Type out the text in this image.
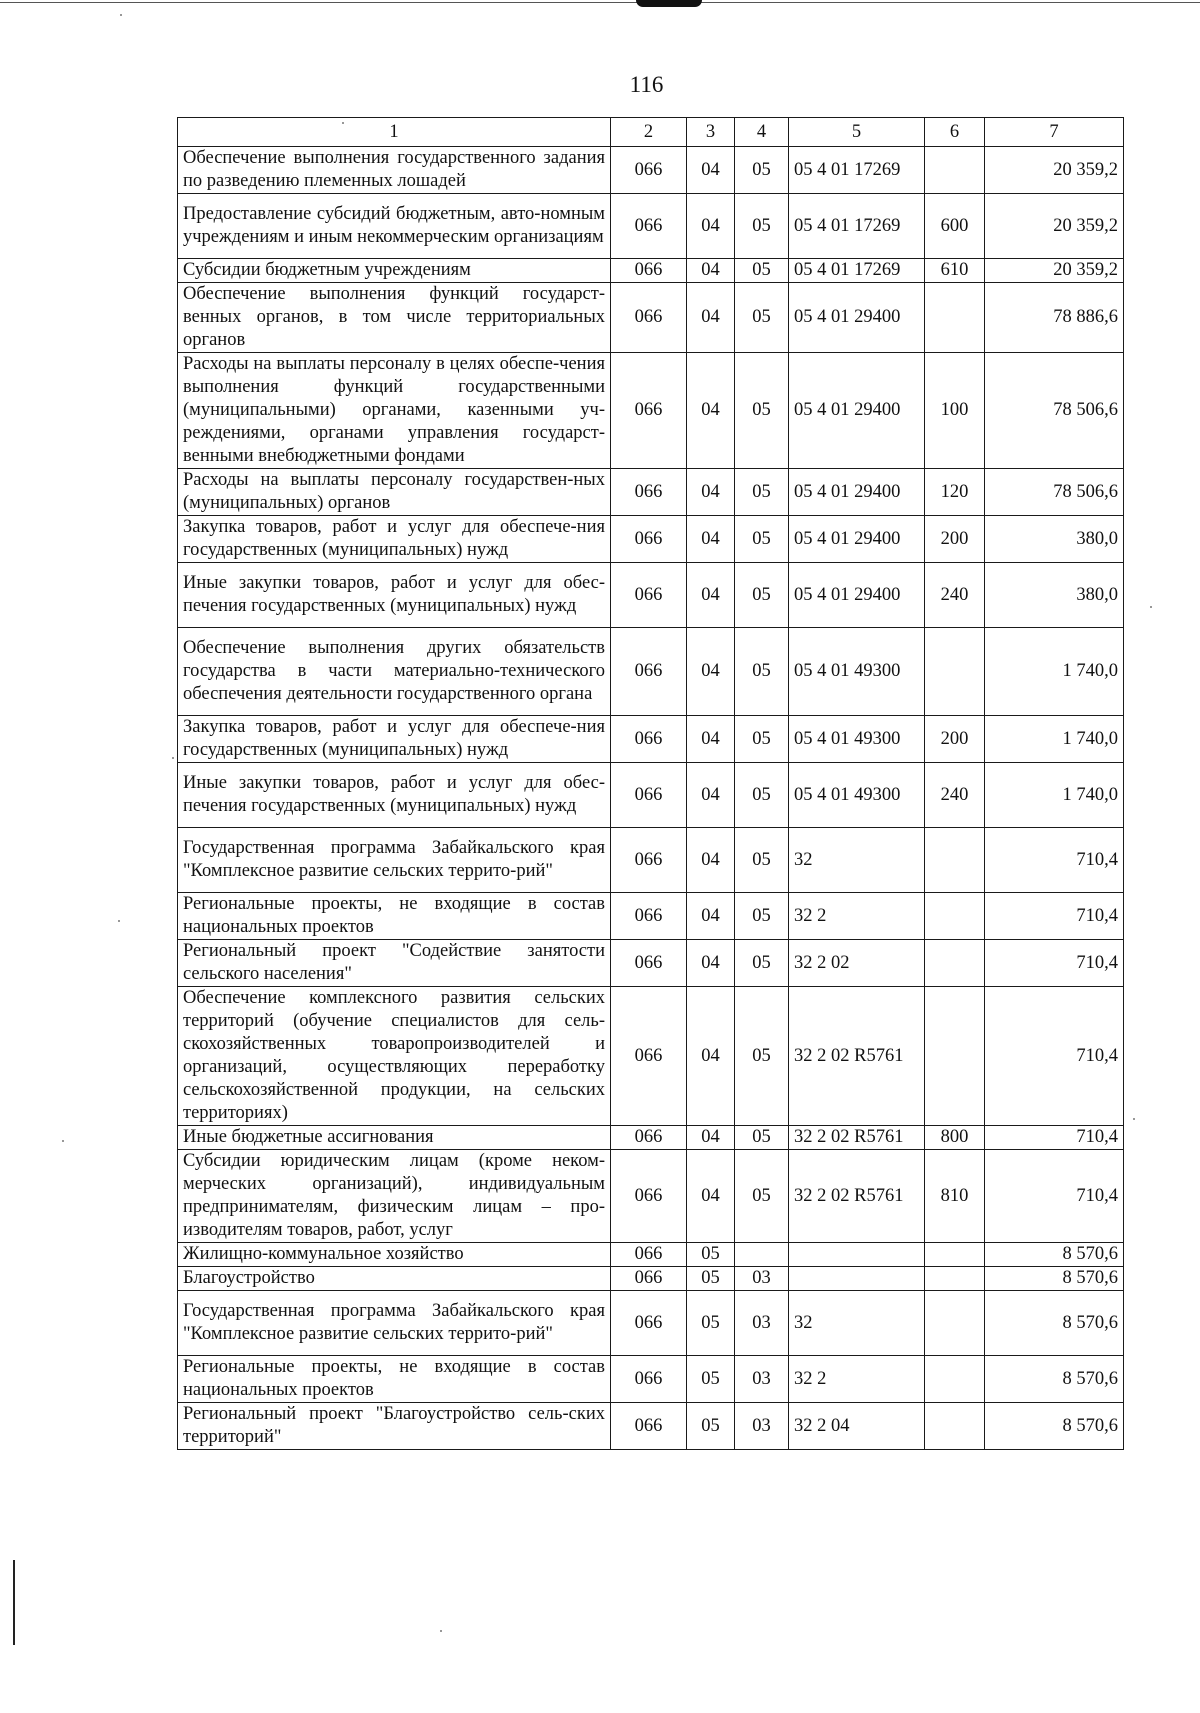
116
1	2	3	4	5	6	7
Обеспечение выполнения государственного задания по разведению племенных лошадей	066	04	05	05 4 01 17269		20 359,2
Предоставление субсидий бюджетным, авто-номным учреждениям и иным некоммерческим организациям	066	04	05	05 4 01 17269	600	20 359,2
Субсидии бюджетным учреждениям	066	04	05	05 4 01 17269	610	20 359,2
Обеспечение выполнения функций государст-венных органов, в том числе территориальных органов	066	04	05	05 4 01 29400		78 886,6
Расходы на выплаты персоналу в целях обеспе-чения выполнения функций государственными (муниципальными) органами, казенными уч-реждениями, органами управления государст-венными внебюджетными фондами	066	04	05	05 4 01 29400	100	78 506,6
Расходы на выплаты персоналу государствен-ных (муниципальных) органов	066	04	05	05 4 01 29400	120	78 506,6
Закупка товаров, работ и услуг для обеспече-ния государственных (муниципальных) нужд	066	04	05	05 4 01 29400	200	380,0
Иные закупки товаров, работ и услуг для обес-печения государственных (муниципальных) нужд	066	04	05	05 4 01 29400	240	380,0
Обеспечение выполнения других обязательств государства в части материально-технического обеспечения деятельности государственного органа	066	04	05	05 4 01 49300		1 740,0
Закупка товаров, работ и услуг для обеспече-ния государственных (муниципальных) нужд	066	04	05	05 4 01 49300	200	1 740,0
Иные закупки товаров, работ и услуг для обес-печения государственных (муниципальных) нужд	066	04	05	05 4 01 49300	240	1 740,0
Государственная программа Забайкальского края "Комплексное развитие сельских террито-рий"	066	04	05	32		710,4
Региональные проекты, не входящие в состав национальных проектов	066	04	05	32 2		710,4
Региональный проект "Содействие занятости сельского населения"	066	04	05	32 2 02		710,4
Обеспечение комплексного развития сельских территорий (обучение специалистов для сель-скохозяйственных товаропроизводителей и организаций, осуществляющих переработку сельскохозяйственной продукции, на сельских территориях)	066	04	05	32 2 02 R5761		710,4
Иные бюджетные ассигнования	066	04	05	32 2 02 R5761	800	710,4
Субсидии юридическим лицам (кроме неком-мерческих организаций), индивидуальным предпринимателям, физическим лицам – про-изводителям товаров, работ, услуг	066	04	05	32 2 02 R5761	810	710,4
Жилищно-коммунальное хозяйство	066	05				8 570,6
Благоустройство	066	05	03			8 570,6
Государственная программа Забайкальского края "Комплексное развитие сельских террито-рий"	066	05	03	32		8 570,6
Региональные проекты, не входящие в состав национальных проектов	066	05	03	32 2		8 570,6
Региональный проект "Благоустройство сель-ских территорий"	066	05	03	32 2 04		8 570,6
